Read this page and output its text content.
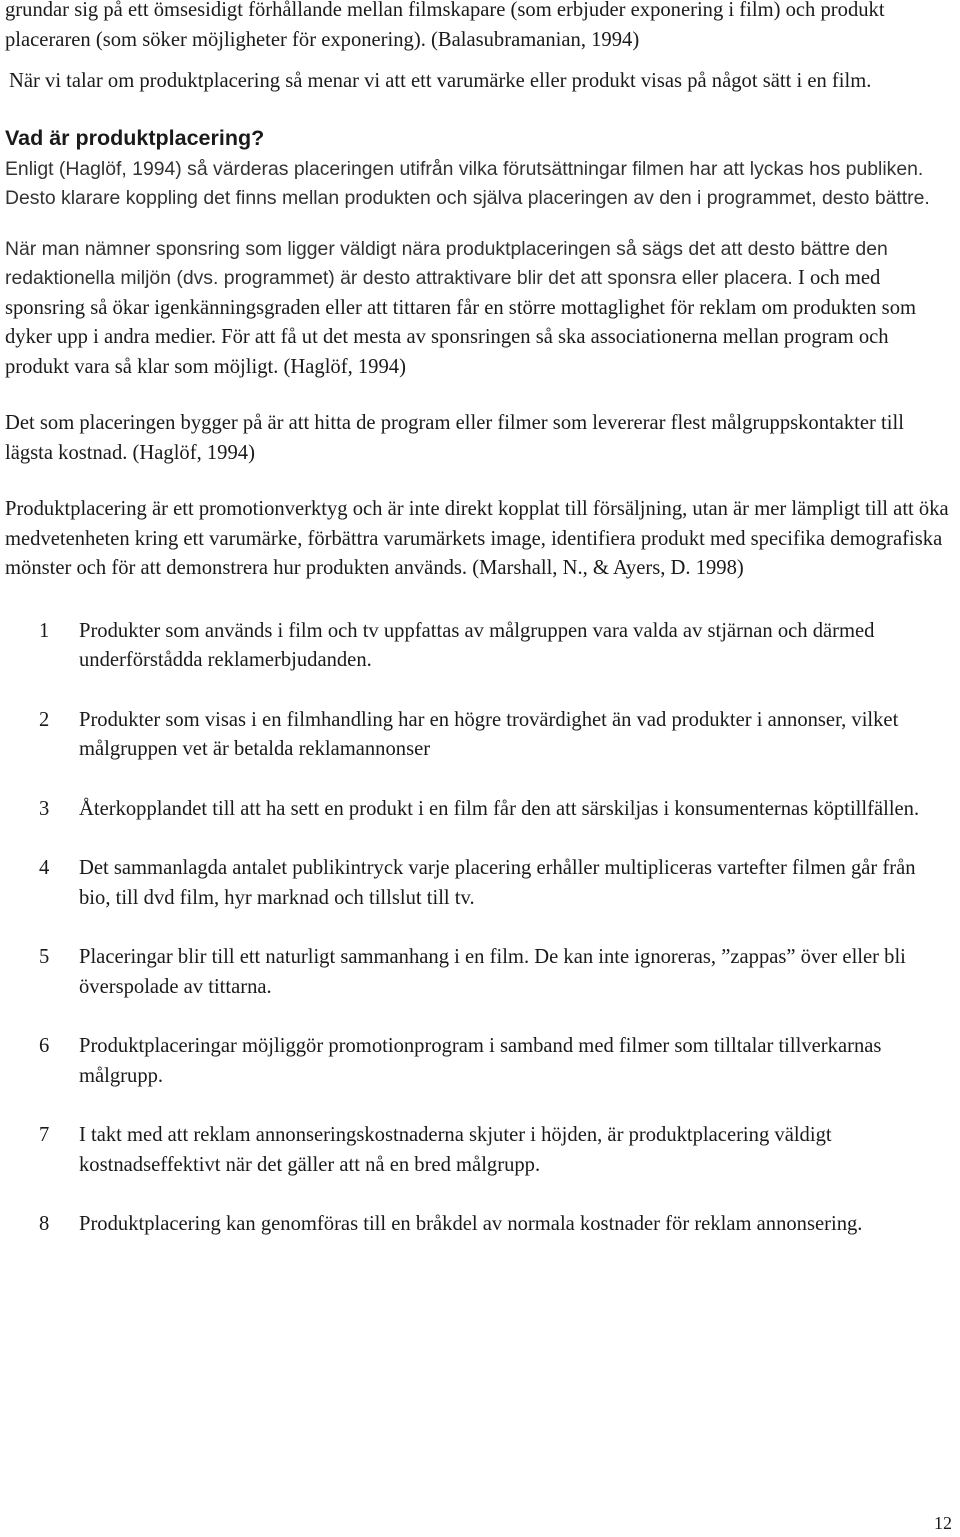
grundar sig på ett ömsesidigt förhållande mellan filmskapare (som erbjuder exponering i film) och produkt placeraren (som söker möjligheter för exponering). (Balasubramanian, 1994)

När vi talar om produktplacering så menar vi att ett varumärke eller produkt visas på något sätt i en film.

Vad är produktplacering?

Enligt (Haglöf, 1994) så värderas placeringen utifrån vilka förutsättningar filmen har att lyckas hos publiken. Desto klarare koppling det finns mellan produkten och själva placeringen av den i programmet, desto bättre.

När man nämner sponsring som ligger väldigt nära produktplaceringen så sägs det att desto bättre den redaktionella miljön (dvs. programmet) är desto attraktivare blir det att sponsra eller placera. I och med sponsring så ökar igenkänningsgraden eller att tittaren får en större mottaglighet för reklam om produkten som dyker upp i andra medier. För att få ut det mesta av sponsringen så ska associationerna mellan program och produkt vara så klar som möjligt. (Haglöf, 1994)

Det som placeringen bygger på är att hitta de program eller filmer som levererar flest målgruppskontakter till lägsta kostnad. (Haglöf, 1994)

Produktplacering är ett promotionverktyg och är inte direkt kopplat till försäljning, utan är mer lämpligt till att öka medvetenheten kring ett varumärke, förbättra varumärkets image, identifiera produkt med specifika demografiska mönster och för att demonstrera hur produkten används. (Marshall, N., & Ayers, D. 1998)

1	Produkter som används i film och tv uppfattas av målgruppen vara valda av stjärnan och därmed underförstådda reklamerbjudanden.
2	Produkter som visas i en filmhandling har en högre trovärdighet än vad produkter i annonser, vilket målgruppen vet är betalda reklamannonser
3	Återkopplandet till att ha sett en produkt i en film får den att särskiljas i konsumenternas köptillfällen.
4	Det sammanlagda antalet publikintryck varje placering erhåller multipliceras vartefter filmen går från bio, till dvd film, hyr marknad och tillslut till tv.
5	Placeringar blir till ett naturligt sammanhang i en film. De kan inte ignoreras, ”zappas” över eller bli överspolade av tittarna.
6	Produktplaceringar möjliggör promotionprogram i samband med filmer som tilltalar tillverkarnas målgrupp.
7	I takt med att reklam annonseringskostnaderna skjuter i höjden, är produktplacering väldigt kostnadseffektivt när det gäller att nå en bred målgrupp.
8	Produktplacering kan genomföras till en bråkdel av normala kostnader för reklam annonsering.
12
